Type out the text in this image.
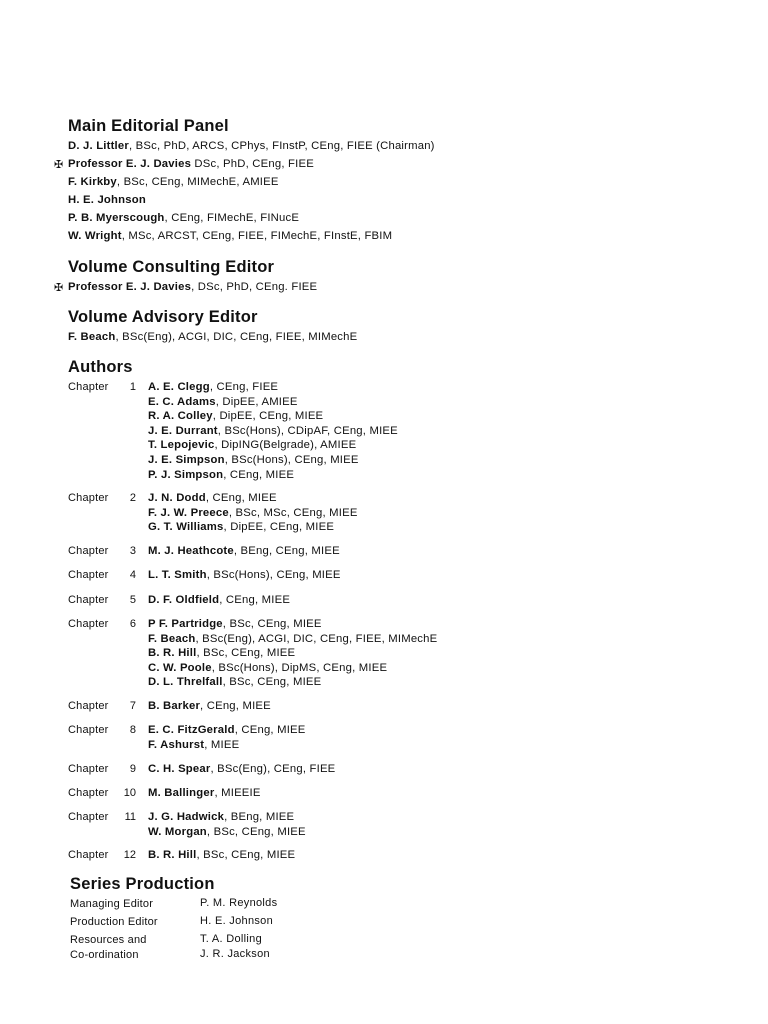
Main Editorial Panel
Volume Consulting Editor
Volume Advisory Editor
Authors
Series Production
D. J. Littler, BSc, PhD, ARCS, CPhys, FInstP, CEng, FIEE (Chairman)
✠ Professor E. J. Davies DSc, PhD, CEng, FIEE
F. Kirkby, BSc, CEng, MIMechE, AMIEE
H. E. Johnson
P. B. Myerscough, CEng, FIMechE, FINucE
W. Wright, MSc, ARCST, CEng, FIEE, FIMechE, FInstE, FBIM
✠ Professor E. J. Davies, DSc, PhD, CEng. FIEE
F. Beach, BSc(Eng), ACGI, DIC, CEng, FIEE, MIMechE
Chapter	1 A. E. Clegg, CEng, FIEE
E. C. Adams, DipEE, AMIEE
R. A. Colley, DipEE, CEng, MIEE
J. E. Durrant, BSc(Hons), CDipAF, CEng, MIEE
T. Lepojevic, DipING(Belgrade), AMIEE
J. E. Simpson, BSc(Hons), CEng, MIEE
P. J. Simpson, CEng, MIEE
Chapter	2 J. N. Dodd, CEng, MIEE
F. J. W. Preece, BSc, MSc, CEng, MIEE
G. T. Williams, DipEE, CEng, MIEE
Chapter	3 M. J. Heathcote, BEng, CEng, MIEE
Chapter	4 L. T. Smith, BSc(Hons), CEng, MIEE
Chapter	5 D. F. Oldfield, CEng, MIEE
Chapter	6 P F. Partridge, BSc, CEng, MIEE
F. Beach, BSc(Eng), ACGI, DIC, CEng, FIEE, MIMechE
B. R. Hill, BSc, CEng, MIEE
C. W. Poole, BSc(Hons), DipMS, CEng, MIEE
D. L. Threlfall, BSc, CEng, MIEE
Chapter	7 B. Barker, CEng, MIEE
Chapter	8 E. C. FitzGerald, CEng, MIEE
F. Ashurst, MIEE
Chapter	9 C. H. Spear, BSc(Eng), CEng, FIEE
Chapter	10 M. Ballinger, MIEEIE
Chapter	11 J. G. Hadwick, BEng, MIEE
W. Morgan, BSc, CEng, MIEE
Chapter	12 B. R. Hill, BSc, CEng, MIEE
Managing Editor	P. M. Reynolds
Production Editor	H. E. Johnson
Resources and	T. A. Dolling
Co-ordination	J. R. Jackson
